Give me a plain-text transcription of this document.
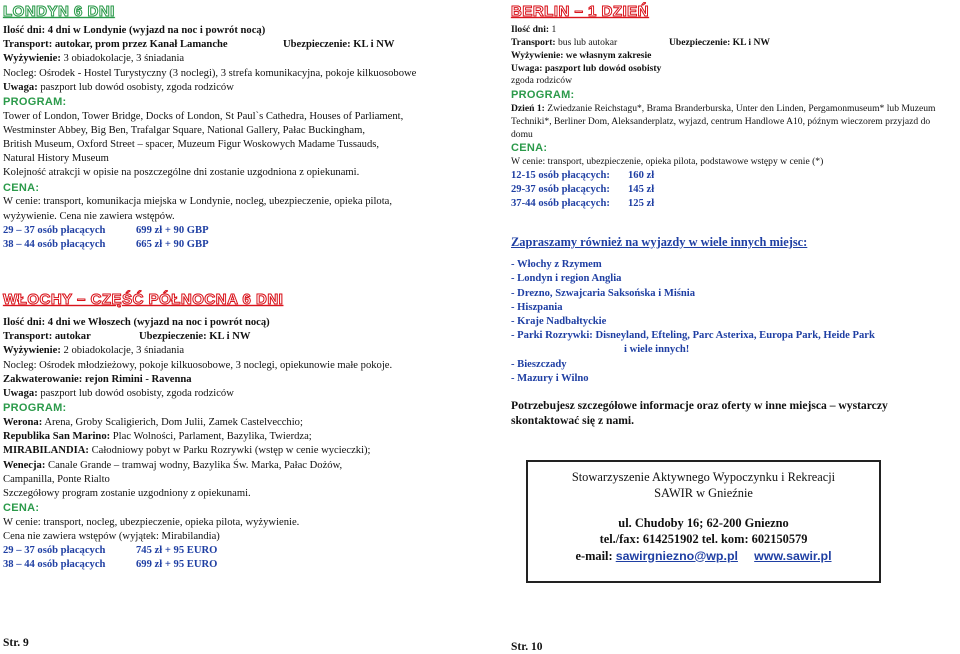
LONDYN 6 DNI
Ilość dni: 4 dni w Londynie (wyjazd na noc i powrót nocą)
Transport: autokar, prom przez Kanał Lamanche	Ubezpieczenie: KL i NW
Wyżywienie: 3 obiadokolacje, 3 śniadania
Nocleg: Ośrodek - Hostel Turystyczny (3 noclegi), 3 strefa komunikacyjna, pokoje kilkuosobowe
Uwaga: paszport lub dowód osobisty, zgoda rodziców
PROGRAM:
Tower of London, Tower Bridge, Docks of London, St Paul`s Cathedra, Houses of Parliament,
Westminster Abbey, Big Ben, Trafalgar Square, National Gallery, Pałac Buckingham,
British Museum, Oxford Street – spacer, Muzeum Figur Woskowych Madame Tussauds,
Natural History Museum
Kolejność atrakcji w opisie na poszczególne dni zostanie uzgodniona z opiekunami.
CENA:
W cenie: transport, komunikacja miejska w Londynie, nocleg, ubezpieczenie, opieka pilota,
wyżywienie. Cena nie zawiera wstępów.
29 – 37 osób płacących	699 zł + 90 GBP
38 – 44 osób płacących	665 zł + 90 GBP
WŁOCHY – CZĘŚĆ PÓŁNOCNA 6 DNI
Ilość dni: 4 dni we Włoszech (wyjazd na noc i powrót nocą)
Transport: autokar	Ubezpieczenie: KL i NW
Wyżywienie: 2 obiadokolacje, 3 śniadania
Nocleg: Ośrodek młodzieżowy, pokoje kilkuosobowe, 3 noclegi, opiekunowie małe pokoje.
Zakwaterowanie: rejon Rimini - Ravenna
Uwaga: paszport lub dowód osobisty, zgoda rodziców
PROGRAM:
Werona: Arena, Groby Scaligierich, Dom Julii, Zamek Castelvecchio;
Republika San Marino: Plac Wolności, Parlament, Bazylika, Twierdza;
MIRABILANDIA: Całodniowy pobyt w Parku Rozrywki (wstęp w cenie wycieczki);
Wenecja: Canale Grande – tramwaj wodny, Bazylika Św. Marka, Pałac Dożów,
Campanilla, Ponte Rialto
Szczegółowy program zostanie uzgodniony z opiekunami.
CENA:
W cenie: transport, nocleg, ubezpieczenie, opieka pilota, wyżywienie.
Cena nie zawiera wstępów (wyjątek: Mirabilandia)
29 – 37 osób płacących	745 zł + 95 EURO
38 – 44 osób płacących	699 zł + 95 EURO
BERLIN – 1 DZIEŃ
Ilość dni: 1
Transport: bus lub autokar	Ubezpieczenie: KL i NW
Wyżywienie: we własnym zakresie
Uwaga: paszport lub dowód osobisty
zgoda rodziców
PROGRAM:
Dzień 1: Zwiedzanie Reichstagu*, Brama Branderburska, Unter den Linden, Pergamonmuseum* lub Muzeum
Techniki*, Berliner Dom, Aleksanderplatz, wyjazd, centrum Handlowe A10, późnym wieczorem przyjazd do
domu
CENA:
W cenie: transport, ubezpieczenie, opieka pilota, podstawowe wstępy w cenie (*)
12-15 osób płacących: 160 zł
29-37 osób płacących: 145 zł
37-44 osób płacących: 125 zł
Zapraszamy również na wyjazdy w wiele innych miejsc:
- Włochy z Rzymem
- Londyn i region Anglia
- Drezno, Szwajcaria Saksońska i Miśnia
- Hiszpania
- Kraje Nadbałtyckie
- Parki Rozrywki: Disneyland, Efteling, Parc Asterixa, Europa Park, Heide Park
i wiele innych!
- Bieszczady
- Mazury i Wilno
Potrzebujesz szczegółowe informacje oraz oferty w inne miejsca – wystarczy
skontaktować się z nami.
Stowarzyszenie Aktywnego Wypoczynku i Rekreacji
SAWIR w Gnieźnie
ul. Chudoby 16; 62-200 Gniezno
tel./fax: 614251902 tel. kom: 602150579
e-mail: sawirgniezno@wp.pl www.sawir.pl
Str. 9	Str. 10
